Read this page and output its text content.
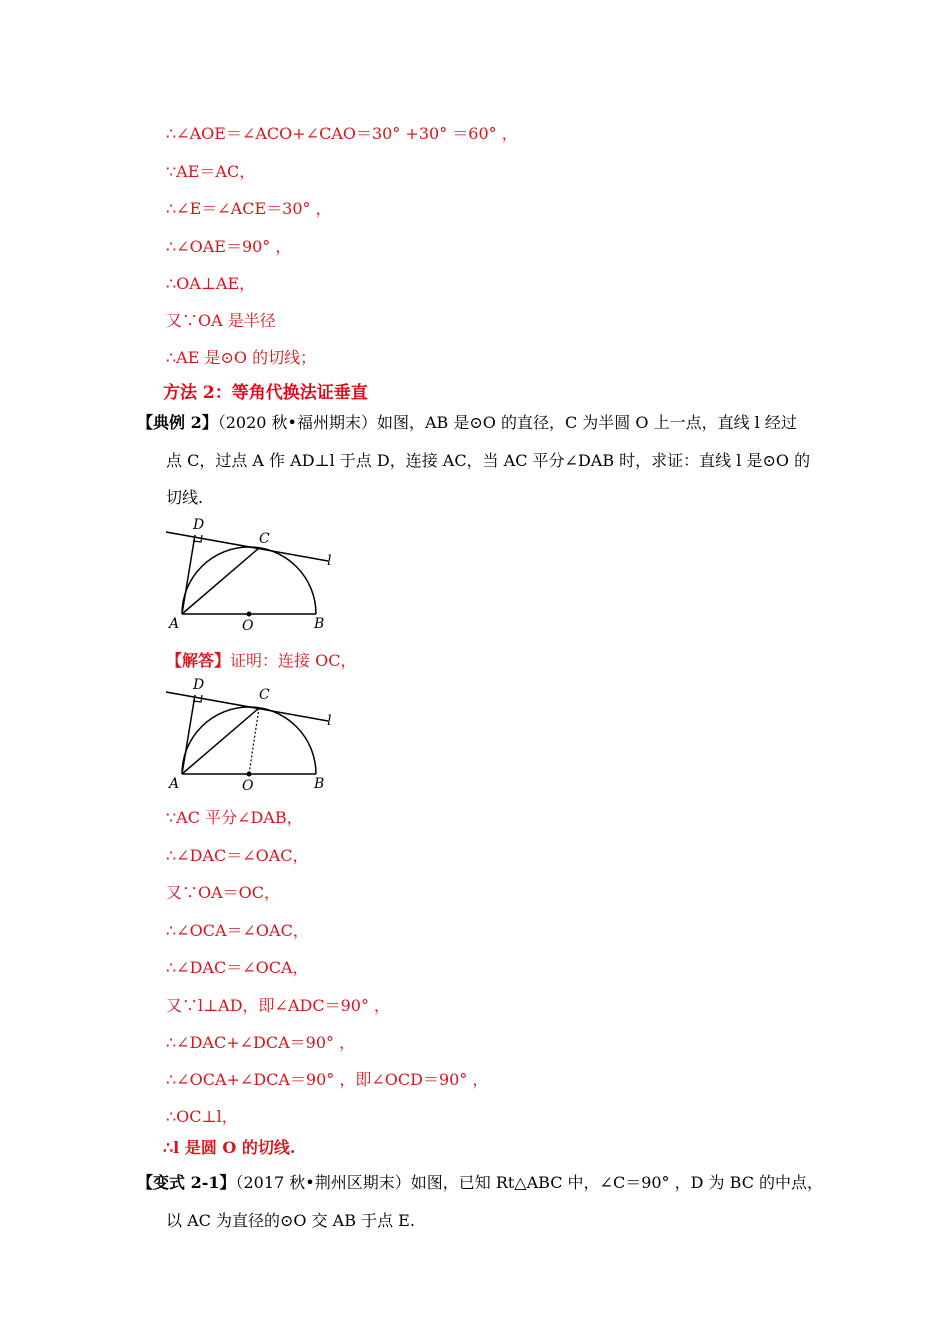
∴∠AOE＝∠ACO+∠CAO＝30° +30° ＝60° ，
∵AE＝AC，
∴∠E＝∠ACE＝30° ，
∴∠OAE＝90° ，
∴OA⊥AE，
又∵OA 是半径
∴AE 是⊙O 的切线；
方法 2：等角代换法证垂直
【典例 2】（2020 秋•福州期末）如图，AB 是⊙O 的直径，C 为半圆 O 上一点，直线 l 经过
点 C，过点 A 作 AD⊥l 于点 D，连接 AC，当 AC 平分∠DAB 时，求证：直线 l 是⊙O 的
切线.
D
C
l
A	O	B
【解答】证明：连接 OC，
D
C
l
A	O	B
∵AC 平分∠DAB，
∴∠DAC＝∠OAC，
又∵OA＝OC，
∴∠OCA＝∠OAC，
∴∠DAC＝∠OCA，
又∵l⊥AD，即∠ADC＝90° ，
∴∠DAC+∠DCA＝90° ，
∴∠OCA+∠DCA＝90° ，即∠OCD＝90° ，
∴OC⊥l，
∴l 是圆 O 的切线.
【变式 2-1】（2017 秋•荆州区期末）如图，已知 Rt△ABC 中，∠C＝90° ，D 为 BC 的中点，
以 AC 为直径的⊙O 交 AB 于点 E.
